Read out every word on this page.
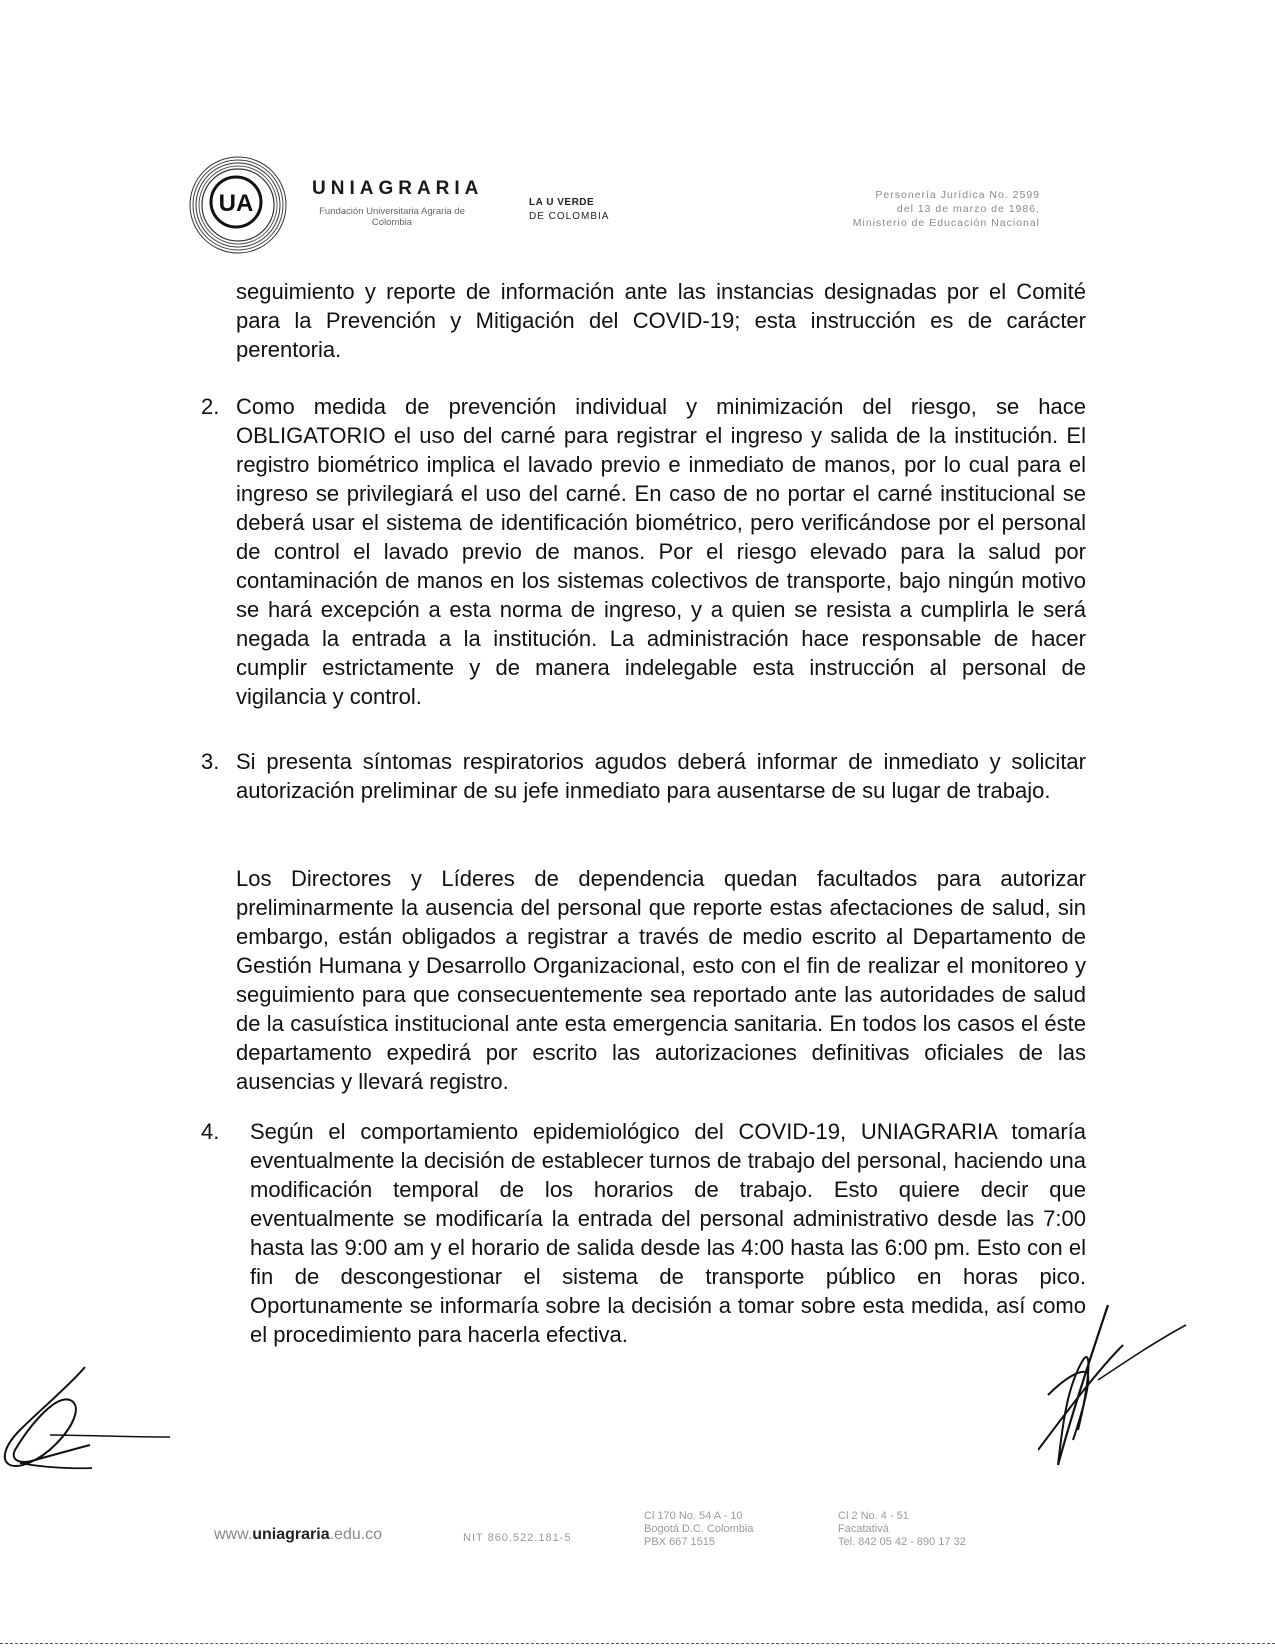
UA
UNIAGRARIA
Fundación Universitaria Agraria de Colombia
LA U VERDE
DE COLOMBIA
Personería Jurídica No. 2599
del 13 de marzo de 1986,
Ministerio de Educación Nacional
seguimiento y reporte de información ante las instancias designadas por el Comité para la Prevención y Mitigación del COVID-19; esta instrucción es de carácter perentoria.
2. Como medida de prevención individual y minimización del riesgo, se hace OBLIGATORIO el uso del carné para registrar el ingreso y salida de la institución. El registro biométrico implica el lavado previo e inmediato de manos, por lo cual para el ingreso se privilegiará el uso del carné. En caso de no portar el carné institucional se deberá usar el sistema de identificación biométrico, pero verificándose por el personal de control el lavado previo de manos. Por el riesgo elevado para la salud por contaminación de manos en los sistemas colectivos de transporte, bajo ningún motivo se hará excepción a esta norma de ingreso, y a quien se resista a cumplirla le será negada la entrada a la institución. La administración hace responsable de hacer cumplir estrictamente y de manera indelegable esta instrucción al personal de vigilancia y control.
3. Si presenta síntomas respiratorios agudos deberá informar de inmediato y solicitar autorización preliminar de su jefe inmediato para ausentarse de su lugar de trabajo.
Los Directores y Líderes de dependencia quedan facultados para autorizar preliminarmente la ausencia del personal que reporte estas afectaciones de salud, sin embargo, están obligados a registrar a través de medio escrito al Departamento de Gestión Humana y Desarrollo Organizacional, esto con el fin de realizar el monitoreo y seguimiento para que consecuentemente sea reportado ante las autoridades de salud de la casuística institucional ante esta emergencia sanitaria. En todos los casos el éste departamento expedirá por escrito las autorizaciones definitivas oficiales de las ausencias y llevará registro.
4. Según el comportamiento epidemiológico del COVID-19, UNIAGRARIA tomaría eventualmente la decisión de establecer turnos de trabajo del personal, haciendo una modificación temporal de los horarios de trabajo. Esto quiere decir que eventualmente se modificaría la entrada del personal administrativo desde las 7:00 hasta las 9:00 am y el horario de salida desde las 4:00 hasta las 6:00 pm. Esto con el fin de descongestionar el sistema de transporte público en horas pico. Oportunamente se informaría sobre la decisión a tomar sobre esta medida, así como el procedimiento para hacerla efectiva.
www.uniagraria.edu.co	NIT 860.522.181-5
Cl 170 No. 54 A - 10
Bogotá D.C. Colombia
PBX 667 1515
Cl 2 No. 4 - 51
Facatativá
Tel. 842 05 42 - 890 17 32
